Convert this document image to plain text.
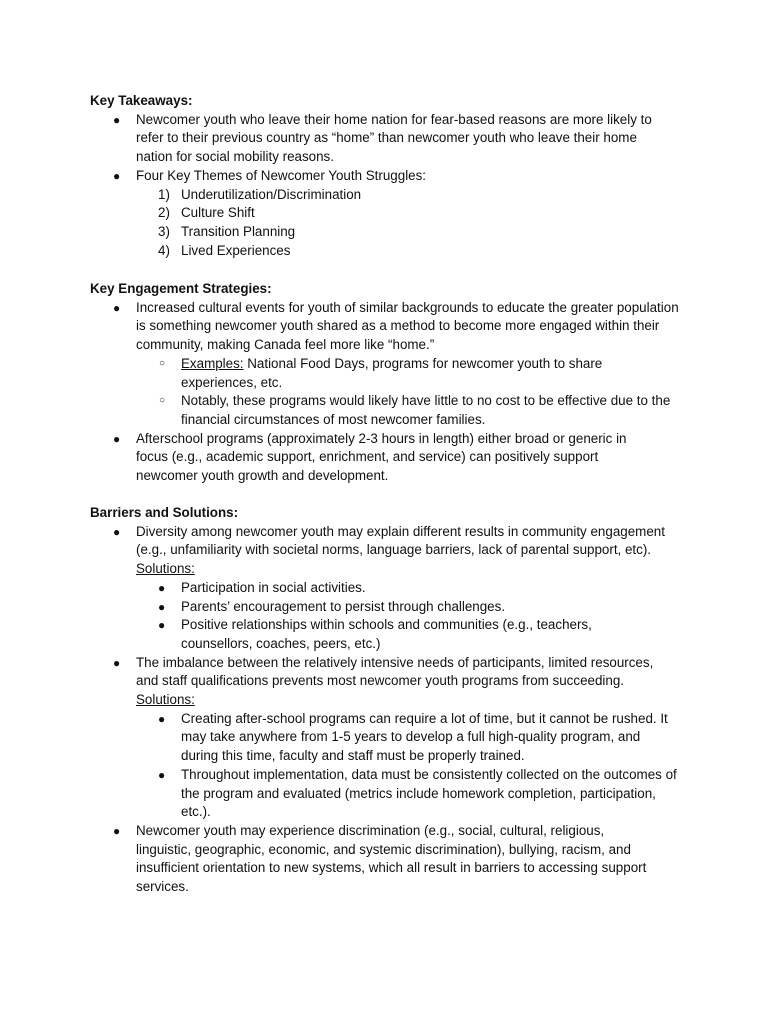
Key Takeaways:

●	Newcomer youth who leave their home nation for fear-based reasons are more likely to refer to their previous country as “home” than newcomer youth who leave their home nation for social mobility reasons.
●	Four Key Themes of Newcomer Youth Struggles:
1) Underutilization/Discrimination
2) Culture Shift
3) Transition Planning
4) Lived Experiences

Key Engagement Strategies:

●	Increased cultural events for youth of similar backgrounds to educate the greater population is something newcomer youth shared as a method to become more engaged within their community, making Canada feel more like “home.”
○ Examples: National Food Days, programs for newcomer youth to share experiences, etc.
○ Notably, these programs would likely have little to no cost to be effective due to the financial circumstances of most newcomer families.
●	Afterschool programs (approximately 2-3 hours in length) either broad or generic in focus (e.g., academic support, enrichment, and service) can positively support newcomer youth growth and development.

Barriers and Solutions:

●	Diversity among newcomer youth may explain different results in community engagement (e.g., unfamiliarity with societal norms, language barriers, lack of parental support, etc).

Solutions:

● Participation in social activities.
● Parents’ encouragement to persist through challenges.
● Positive relationships within schools and communities (e.g., teachers, counsellors, coaches, peers, etc.)
●	The imbalance between the relatively intensive needs of participants, limited resources, and staff qualifications prevents most newcomer youth programs from succeeding.

Solutions:

● Creating after-school programs can require a lot of time, but it cannot be rushed. It may take anywhere from 1-5 years to develop a full high-quality program, and during this time, faculty and staff must be properly trained.
● Throughout implementation, data must be consistently collected on the outcomes of the program and evaluated (metrics include homework completion, participation, etc.).
●	Newcomer youth may experience discrimination (e.g., social, cultural, religious, linguistic, geographic, economic, and systemic discrimination), bullying, racism, and insufficient orientation to new systems, which all result in barriers to accessing support services.
